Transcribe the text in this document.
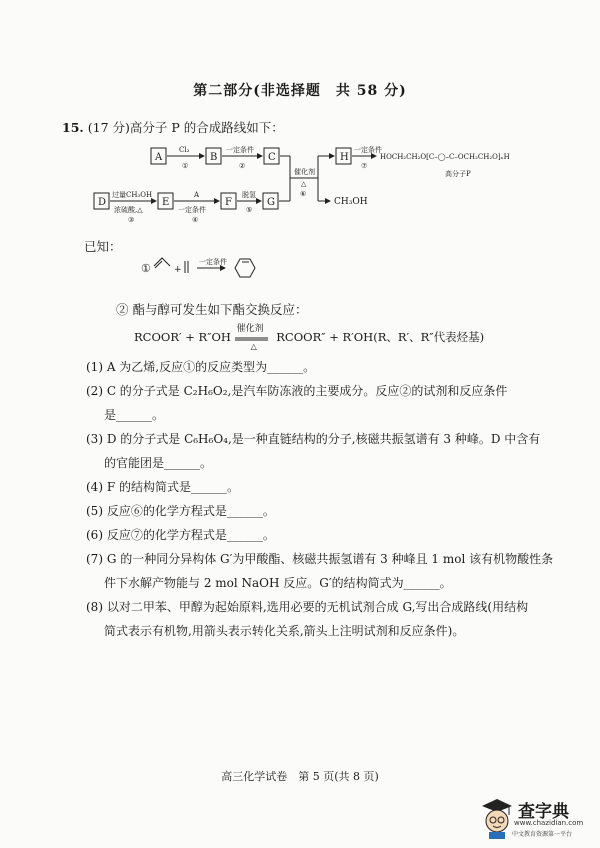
第二部分(非选择题　共 58 分)
15. (17 分)高分子 P 的合成路线如下：
A	B	C
D	E	F	G
H
Cl₂
①
一定条件
②
过量CH₃OH
浓硫酸,△
③
A
一定条件
④
脱氢
⑤
催化剂
△
⑥
一定条件
⑦
HOCH₂CH₂O[C–◯–C–OCH₂CH₂O]ₙH
高分子P
CH₃OH
①	+
一定条件
已知：
② 酯与醇可发生如下酯交换反应：
RCOOR′ + R″OH
催化剂
△
RCOOR″ + R′OH(R、R′、R″代表烃基)
(1) A 为乙烯,反应①的反应类型为______。
(2) C 的分子式是 C₂H₆O₂,是汽车防冻液的主要成分。反应②的试剂和反应条件
是______。
(3) D 的分子式是 C₆H₆O₄,是一种直链结构的分子,核磁共振氢谱有 3 种峰。D 中含有
的官能团是______。
(4) F 的结构简式是______。
(5) 反应⑥的化学方程式是______。
(6) 反应⑦的化学方程式是______。
(7) G 的一种同分异构体 G′为甲酸酯、核磁共振氢谱有 3 种峰且 1 mol 该有机物酸性条
件下水解产物能与 2 mol NaOH 反应。G′的结构简式为______。
(8) 以对二甲苯、甲醇为起始原料,选用必要的无机试剂合成 G,写出合成路线(用结构
简式表示有机物,用箭头表示转化关系,箭头上注明试剂和反应条件)。
高三化学试卷　第 5 页(共 8 页)
查字典
www.chazidian.com
中文教育资源第一平台
